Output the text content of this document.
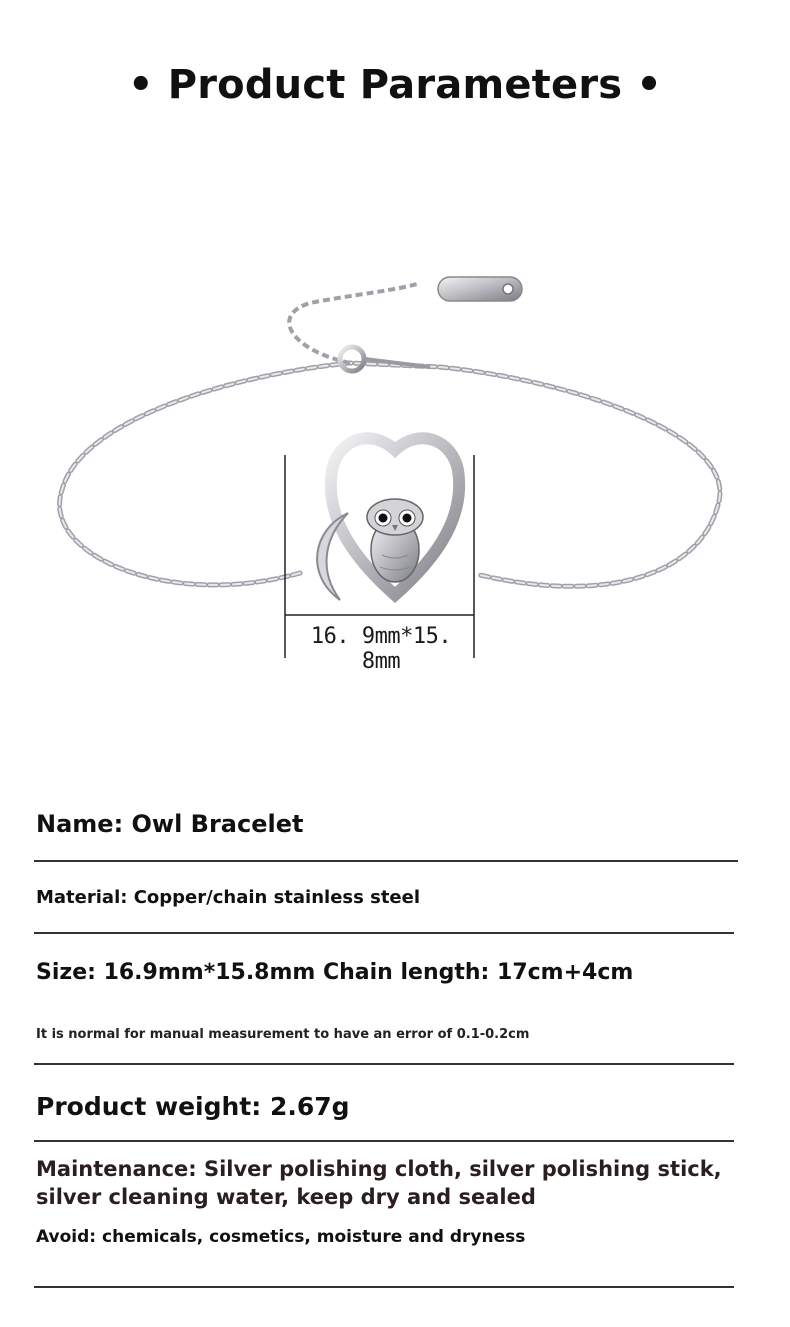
• Product Parameters •
16. 9mm*15. 8mm
Name: Owl Bracelet
Material: Copper/chain stainless steel
Size: 16.9mm*15.8mm Chain length: 17cm+4cm
It is normal for manual measurement to have an error of 0.1-0.2cm
Product weight: 2.67g
Maintenance: Silver polishing cloth, silver polishing stick, silver cleaning water, keep dry and sealed
Avoid: chemicals, cosmetics, moisture and dryness
